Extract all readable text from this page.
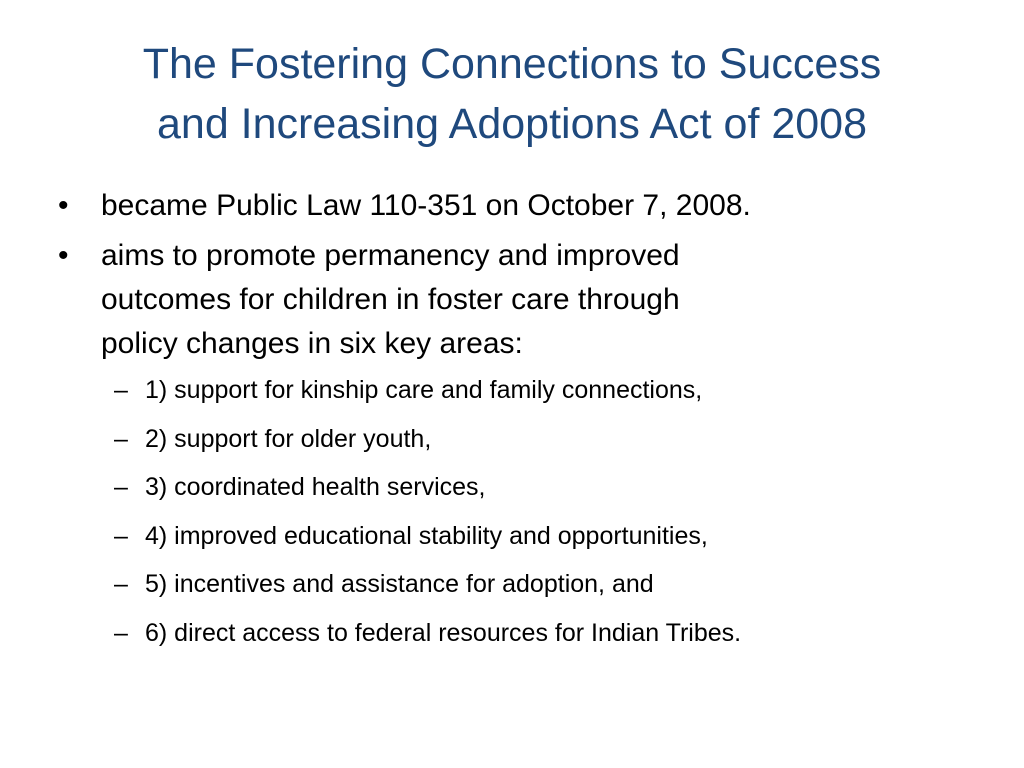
The Fostering Connections to Success
and Increasing Adoptions Act of 2008
• became Public Law 110-351 on October 7, 2008.
• aims to promote permanency and improved
outcomes for children in foster care through
policy changes in six key areas:
– 1) support for kinship care and family connections,
– 2) support for older youth,
– 3) coordinated health services,
– 4) improved educational stability and opportunities,
– 5) incentives and assistance for adoption, and
– 6) direct access to federal resources for Indian Tribes.
